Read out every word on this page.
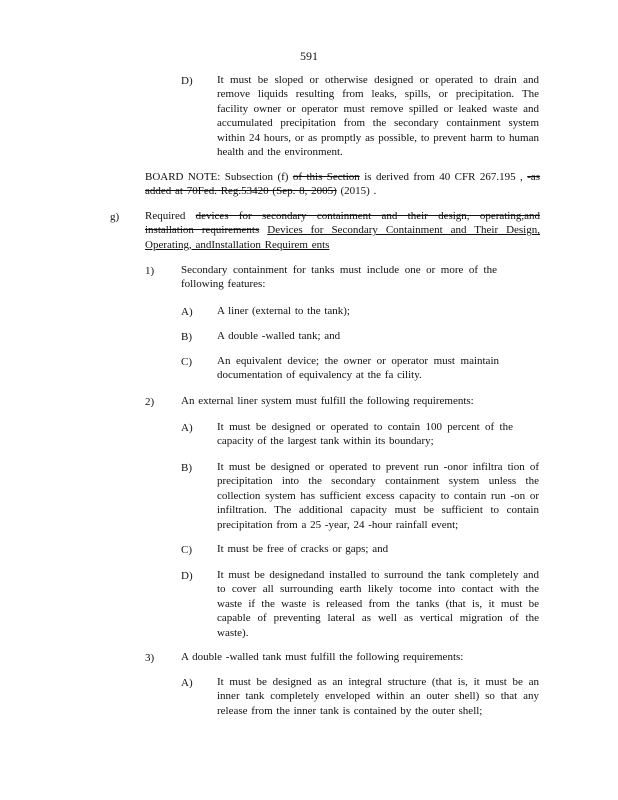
591
D) It must be sloped or otherwise designed or operated to drain and remove liquids resulting from leaks, spills, or precipitation. The facility owner or operator must remove spilled or leaked waste and accumulated precipitation from the secondary containment system within 24 hours, or as promptly as possible, to prevent harm to human health and the environment.
BOARD NOTE: Subsection (f) of this Section is derived from 40 CFR 267.195 , -as added at 70Fed. Reg.53420 (Sep. 8, 2005) (2015) .
g) Required devices for secondary containment and their design, operating,and installation requirements Devices for Secondary Containment and Their Design, Operating, andInstallation Requirem ents
1) Secondary containment for tanks must include one or more of the following features:
A) A liner (external to the tank);
B) A double -walled tank; and
C) An equivalent device; the owner or operator must maintain documentation of equivalency at the fa cility.
2) An external liner system must fulfill the following requirements:
A) It must be designed or operated to contain 100 percent of the capacity of the largest tank within its boundary;
B) It must be designed or operated to prevent run -onor infiltra tion of precipitation into the secondary containment system unless the collection system has sufficient excess capacity to contain run -on or infiltration. The additional capacity must be sufficient to contain precipitation from a 25 -year, 24 -hour rainfall event;
C) It must be free of cracks or gaps; and
D) It must be designedand installed to surround the tank completely and to cover all surrounding earth likely tocome into contact with the waste if the waste is released from the tanks (that is, it must be capable of preventing lateral as well as vertical migration of the waste).
3) A double -walled tank must fulfill the following requirements:
A) It must be designed as an integral structure (that is, it must be an inner tank completely enveloped within an outer shell) so that any release from the inner tank is contained by the outer shell;
